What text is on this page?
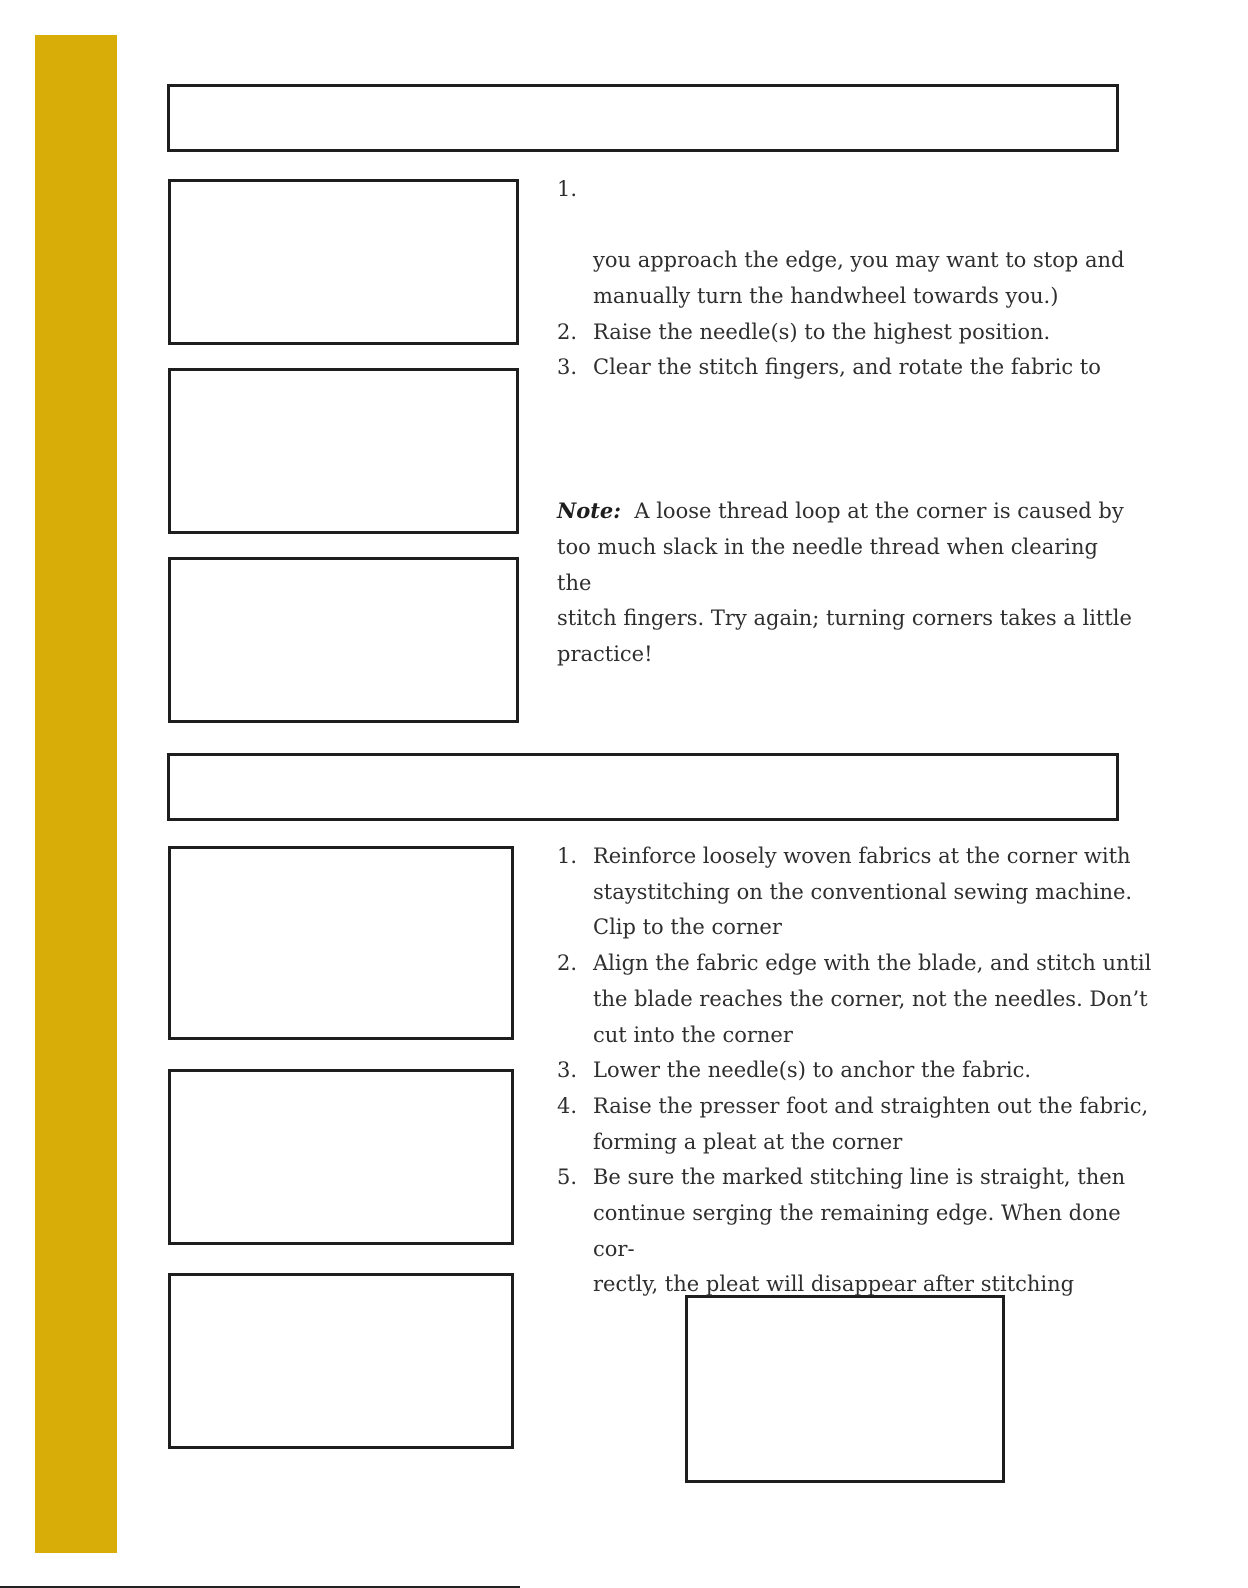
1.
you approach the edge, you may want to stop and
manually turn the handwheel towards you.)
2. Raise the needle(s) to the highest position.
3. Clear the stitch fingers, and rotate the fabric to
Note: A loose thread loop at the corner is caused by
too much slack in the needle thread when clearing the
stitch fingers. Try again; turning corners takes a little
practice!
1. Reinforce loosely woven fabrics at the corner with
staystitching on the conventional sewing machine.
Clip to the corner
2. Align the fabric edge with the blade, and stitch until
the blade reaches the corner, not the needles. Don’t
cut into the corner
3. Lower the needle(s) to anchor the fabric.
4. Raise the presser foot and straighten out the fabric,
forming a pleat at the corner
5. Be sure the marked stitching line is straight, then
continue serging the remaining edge. When done cor-
rectly, the pleat will disappear after stitching
